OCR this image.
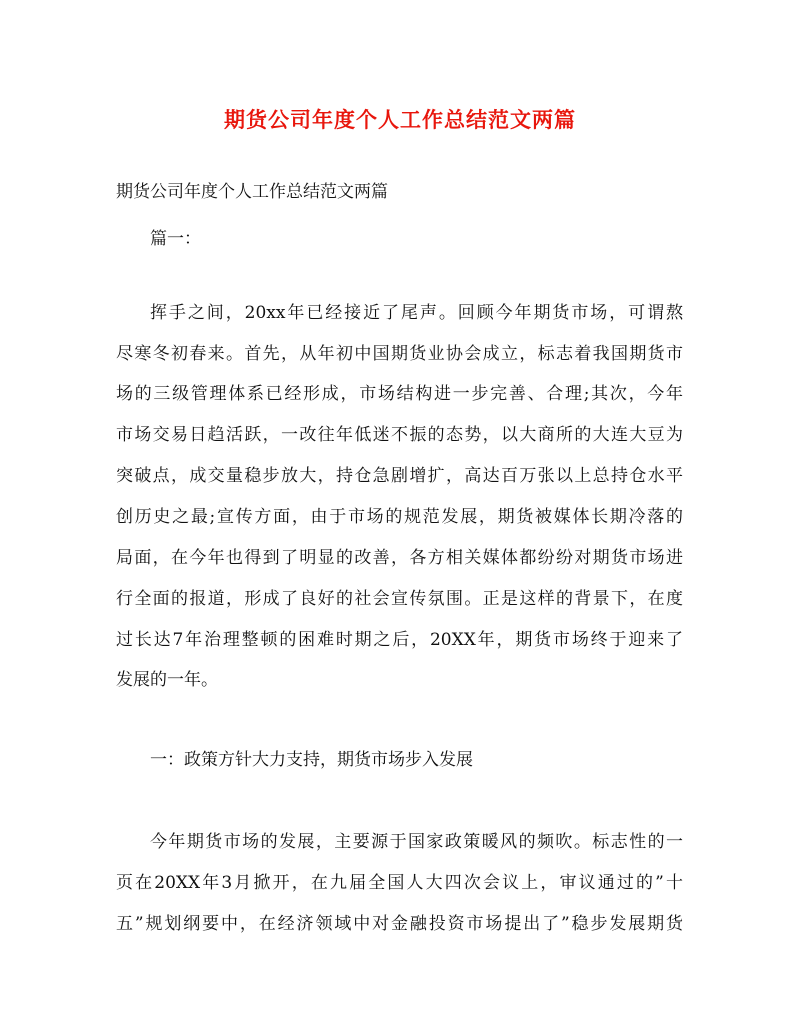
期货公司年度个人工作总结范文两篇
期货公司年度个人工作总结范文两篇
篇一：
挥手之间，20xx年已经接近了尾声。回顾今年期货市场，可谓熬
尽寒冬初春来。首先，从年初中国期货业协会成立，标志着我国期货市
场的三级管理体系已经形成，市场结构进一步完善、合理;其次，今年
市场交易日趋活跃，一改往年低迷不振的态势，以大商所的大连大豆为
突破点，成交量稳步放大，持仓急剧增扩，高达百万张以上总持仓水平
创历史之最;宣传方面，由于市场的规范发展，期货被媒体长期冷落的
局面，在今年也得到了明显的改善，各方相关媒体都纷纷对期货市场进
行全面的报道，形成了良好的社会宣传氛围。正是这样的背景下，在度
过长达7年治理整顿的困难时期之后，20XX年，期货市场终于迎来了
发展的一年。
一：政策方针大力支持，期货市场步入发展
今年期货市场的发展，主要源于国家政策暖风的频吹。标志性的一
页在20XX年3月掀开，在九届全国人大四次会议上，审议通过的”十
五”规划纲要中，在经济领域中对金融投资市场提出了”稳步发展期货
